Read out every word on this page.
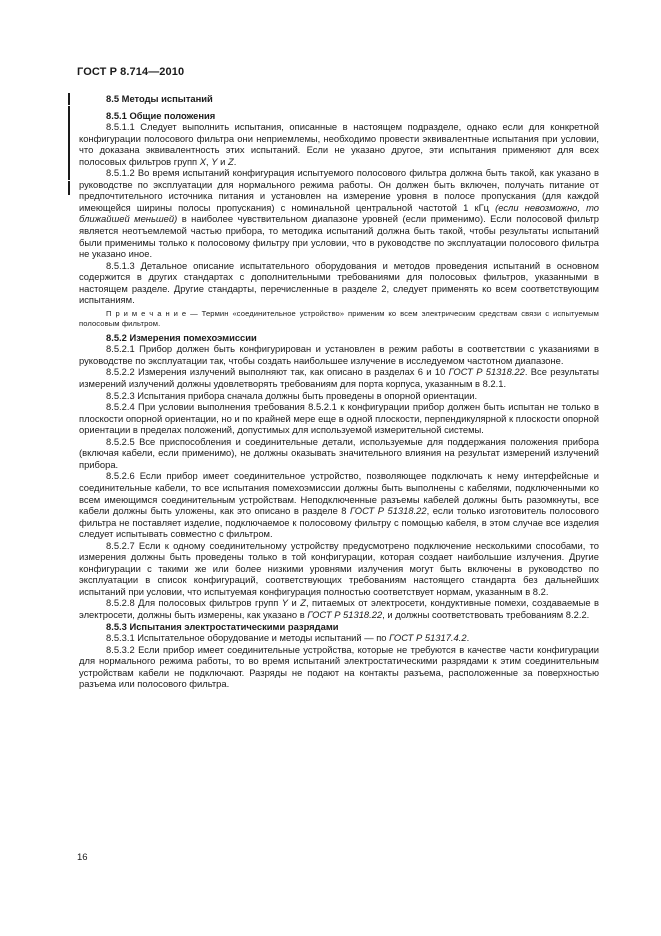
ГОСТ Р 8.714—2010

8.5 Методы испытаний

8.5.1 Общие положения

8.5.1.1 Следует выполнить испытания, описанные в настоящем подразделе, однако если для конкретной конфигурации полосового фильтра они неприемлемы, необходимо провести эквивалентные испытания при условии, что доказана эквивалентность этих испытаний. Если не указано другое, эти испытания применяют для всех полосовых фильтров групп X, Y и Z.

8.5.1.2 Во время испытаний конфигурация испытуемого полосового фильтра должна быть такой, как указано в руководстве по эксплуатации для нормального режима работы. Он должен быть включен, получать питание от предпочтительного источника питания и установлен на измерение уровня в полосе пропускания (для каждой имеющейся ширины полосы пропускания) с номинальной центральной частотой 1 кГц (если невозможно, то ближайшей меньшей) в наиболее чувствительном диапазоне уровней (если применимо). Если полосовой фильтр является неотъемлемой частью прибора, то методика испытаний должна быть такой, чтобы результаты испытаний были применимы только к полосовому фильтру при условии, что в руководстве по эксплуатации полосового фильтра не указано иное.

8.5.1.3 Детальное описание испытательного оборудования и методов проведения испытаний в основном содержится в других стандартах с дополнительными требованиями для полосовых фильтров, указанными в настоящем разделе. Другие стандарты, перечисленные в разделе 2, следует применять ко всем соответствующим испытаниям.

П р и м е ч а н и е — Термин «соединительное устройство» применим ко всем электрическим средствам связи с испытуемым полосовым фильтром.

8.5.2 Измерения помехоэмиссии

8.5.2.1 Прибор должен быть конфигурирован и установлен в режим работы в соответствии с указаниями в руководстве по эксплуатации так, чтобы создать наибольшее излучение в исследуемом частотном диапазоне.

8.5.2.2 Измерения излучений выполняют так, как описано в разделах 6 и 10 ГОСТ Р 51318.22. Все результаты измерений излучений должны удовлетворять требованиям для порта корпуса, указанным в 8.2.1.

8.5.2.3 Испытания прибора сначала должны быть проведены в опорной ориентации.

8.5.2.4 При условии выполнения требования 8.5.2.1 к конфигурации прибор должен быть испытан не только в плоскости опорной ориентации, но и по крайней мере еще в одной плоскости, перпендикулярной к плоскости опорной ориентации в пределах положений, допустимых для используемой измерительной системы.

8.5.2.5 Все приспособления и соединительные детали, используемые для поддержания положения прибора (включая кабели, если применимо), не должны оказывать значительного влияния на результат измерений излучений прибора.

8.5.2.6 Если прибор имеет соединительное устройство, позволяющее подключать к нему интерфейсные и соединительные кабели, то все испытания помехоэмиссии должны быть выполнены с кабелями, подключенными ко всем имеющимся соединительным устройствам. Неподключенные разъемы кабелей должны быть разомкнуты, все кабели должны быть уложены, как это описано в разделе 8 ГОСТ Р 51318.22, если только изготовитель полосового фильтра не поставляет изделие, подключаемое к полосовому фильтру с помощью кабеля, в этом случае все изделия следует испытывать совместно с фильтром.

8.5.2.7 Если к одному соединительному устройству предусмотрено подключение несколькими способами, то измерения должны быть проведены только в той конфигурации, которая создает наибольшие излучения. Другие конфигурации с такими же или более низкими уровнями излучения могут быть включены в руководство по эксплуатации в список конфигураций, соответствующих требованиям настоящего стандарта без дальнейших испытаний при условии, что испытуемая конфигурация полностью соответствует нормам, указанным в 8.2.

8.5.2.8 Для полосовых фильтров групп Y и Z, питаемых от электросети, кондуктивные помехи, создаваемые в электросети, должны быть измерены, как указано в ГОСТ Р 51318.22, и должны соответствовать требованиям 8.2.2.

8.5.3 Испытания электростатическими разрядами

8.5.3.1 Испытательное оборудование и методы испытаний — по ГОСТ Р 51317.4.2.

8.5.3.2 Если прибор имеет соединительные устройства, которые не требуются в качестве части конфигурации для нормального режима работы, то во время испытаний электростатическими разрядами к этим соединительным устройствам кабели не подключают. Разряды не подают на контакты разъема, расположенные за поверхностью разъема или полосового фильтра.

16
